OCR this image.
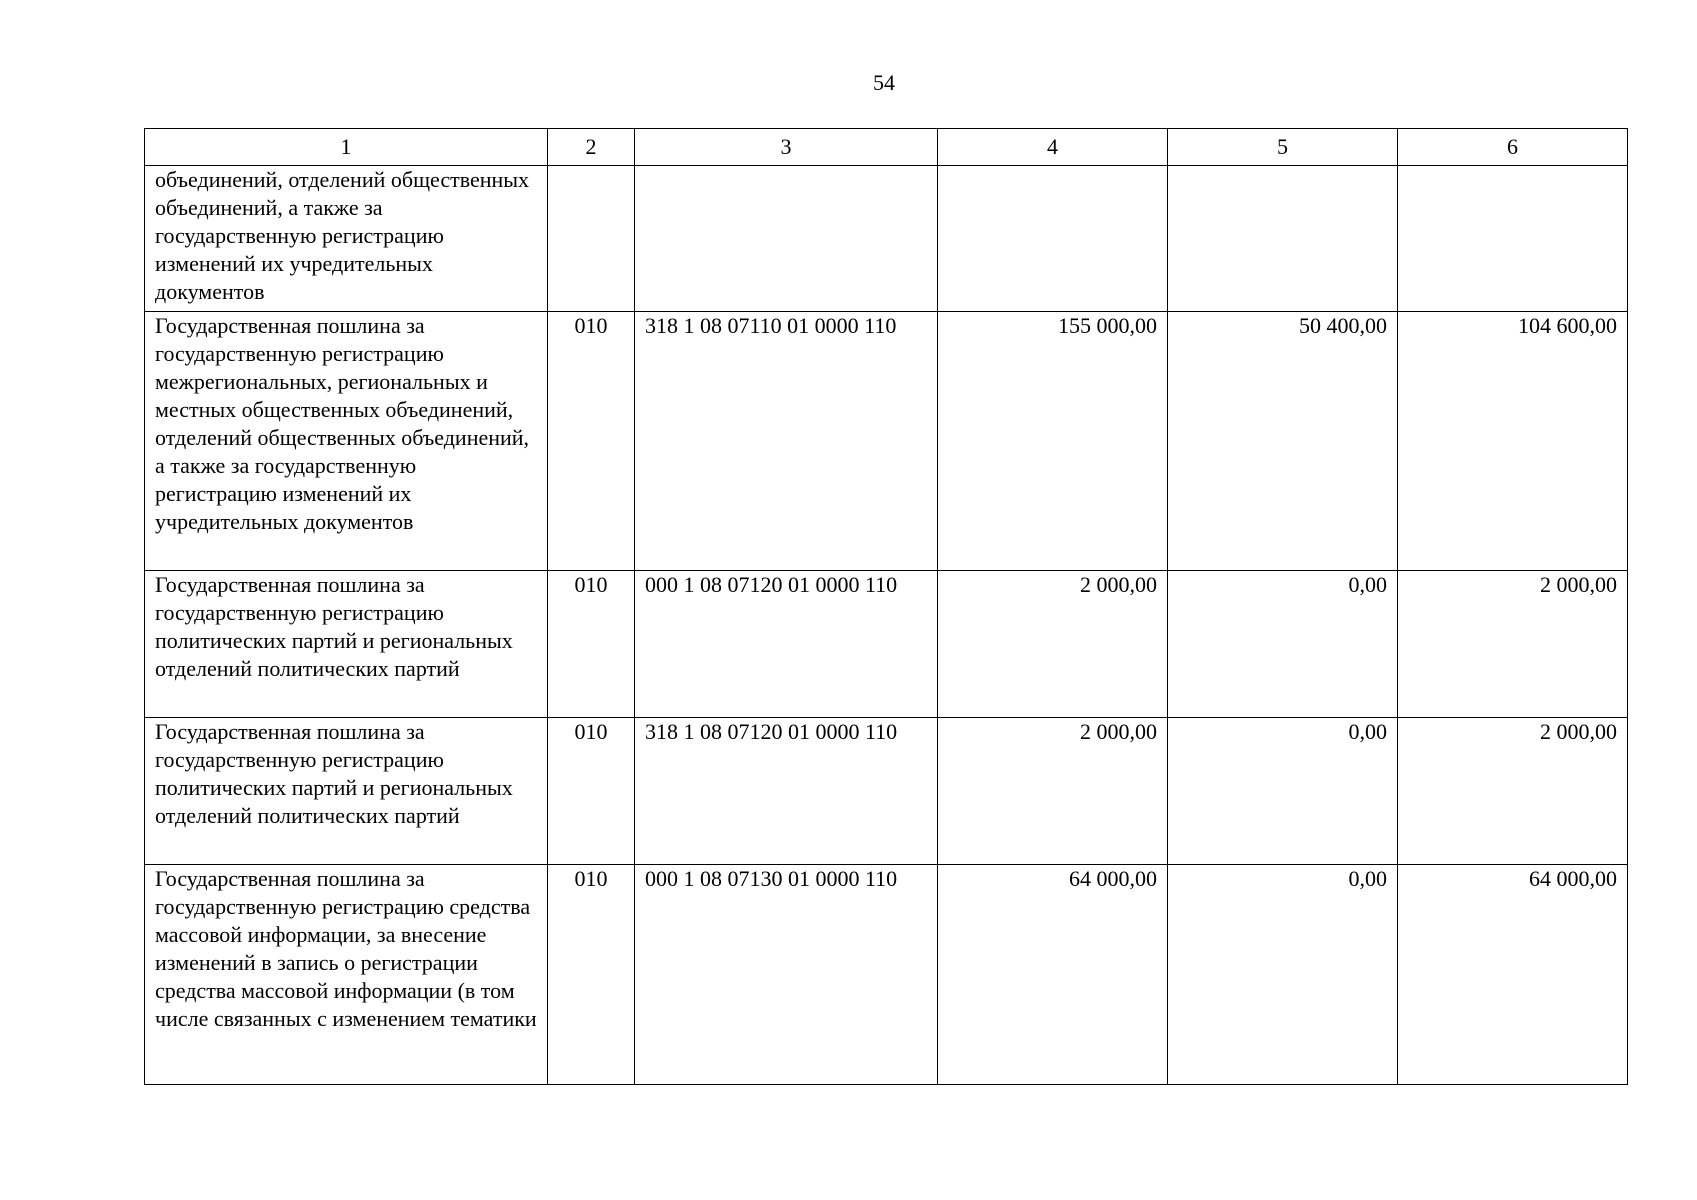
54
1	2	3	4	5	6
объединений, отделений общественных объединений, а также за государственную регистрацию изменений их учредительных документов					
Государственная пошлина за государственную регистрацию межрегиональных, региональных и местных общественных объединений, отделений общественных объединений, а также за государственную регистрацию изменений их учредительных документов	010	318 1 08 07110 01 0000 110	155 000,00	50 400,00	104 600,00
Государственная пошлина за государственную регистрацию политических партий и региональных отделений политических партий	010	000 1 08 07120 01 0000 110	2 000,00	0,00	2 000,00
Государственная пошлина за государственную регистрацию политических партий и региональных отделений политических партий	010	318 1 08 07120 01 0000 110	2 000,00	0,00	2 000,00
Государственная пошлина за государственную регистрацию средства массовой информации, за внесение изменений в запись о регистрации средства массовой информации (в том числе связанных с изменением тематики	010	000 1 08 07130 01 0000 110	64 000,00	0,00	64 000,00
